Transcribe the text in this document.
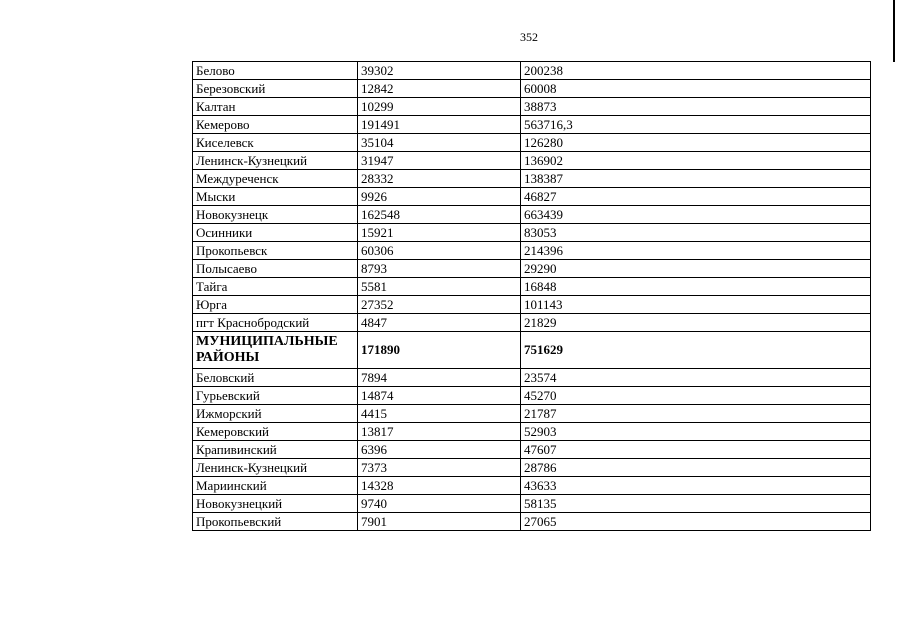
352
Белово	39302	200238
Березовский	12842	60008
Калтан	10299	38873
Кемерово	191491	563716,3
Киселевск	35104	126280
Ленинск-Кузнецкий	31947	136902
Междуреченск	28332	138387
Мыски	9926	46827
Новокузнецк	162548	663439
Осинники	15921	83053
Прокопьевск	60306	214396
Полысаево	8793	29290
Тайга	5581	16848
Юрга	27352	101143
пгт Краснобродский	4847	21829
МУНИЦИПАЛЬНЫЕ РАЙОНЫ	171890	751629
Беловский	7894	23574
Гурьевский	14874	45270
Ижморский	4415	21787
Кемеровский	13817	52903
Крапивинский	6396	47607
Ленинск-Кузнецкий	7373	28786
Мариинский	14328	43633
Новокузнецкий	9740	58135
Прокопьевский	7901	27065
